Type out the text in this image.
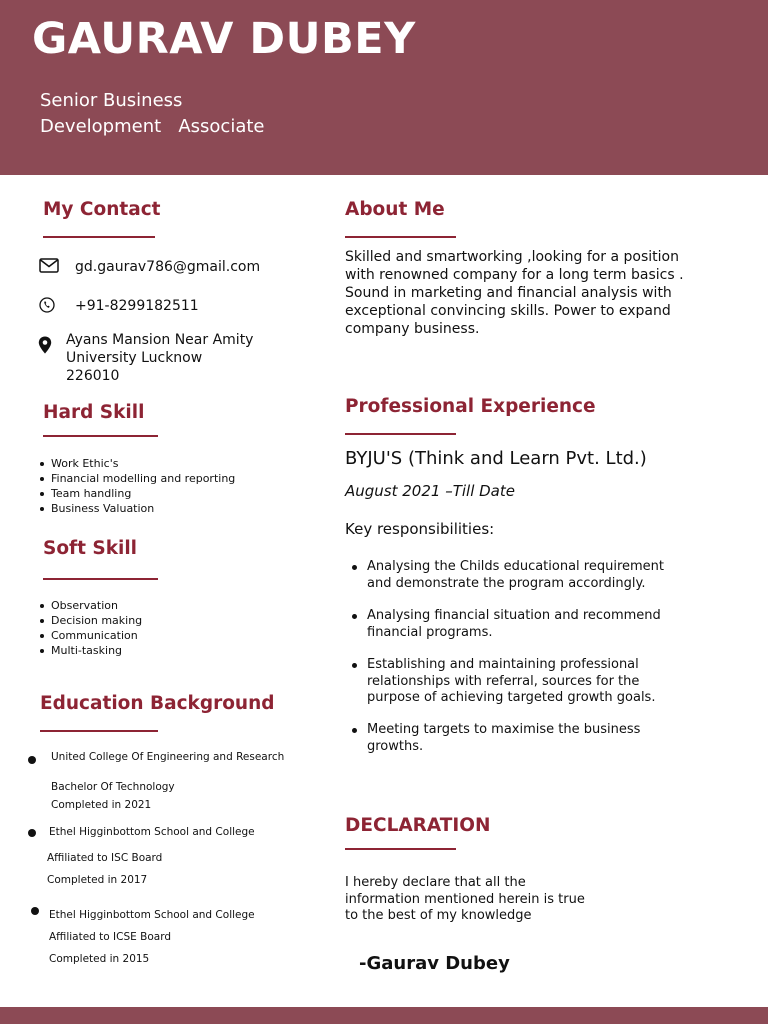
GAURAV DUBEY
Senior Business
Development   Associate
My Contact
gd.gaurav786@gmail.com
+91-8299182511
Ayans Mansion Near Amity
University Lucknow
226010
Hard Skill
Work Ethic's
Financial modelling and reporting
Team handling
Business Valuation
Soft Skill
Observation
Decision making
Communication
Multi-tasking
Education Background
United College Of Engineering and Research
Bachelor Of Technology
Completed in 2021
Ethel Higginbottom School and College
Affiliated to ISC Board
Completed in 2017
Ethel Higginbottom School and College
Affiliated to ICSE Board
Completed in 2015
About Me
Skilled and smartworking ,looking for a position
with renowned company for a long term basics .
Sound in marketing and financial analysis with
exceptional convincing skills. Power to expand
company business.
Professional Experience
BYJU'S (Think and Learn Pvt. Ltd.)
August 2021 –Till Date
Key responsibilities:
Analysing the Childs educational requirement
and demonstrate the program accordingly.
Analysing financial situation and recommend
financial programs.
Establishing and maintaining professional
relationships with referral, sources for the
purpose of achieving targeted growth goals.
Meeting targets to maximise the business
growths.
DECLARATION
I hereby declare that all the
information mentioned herein is true
to the best of my knowledge
-Gaurav Dubey
